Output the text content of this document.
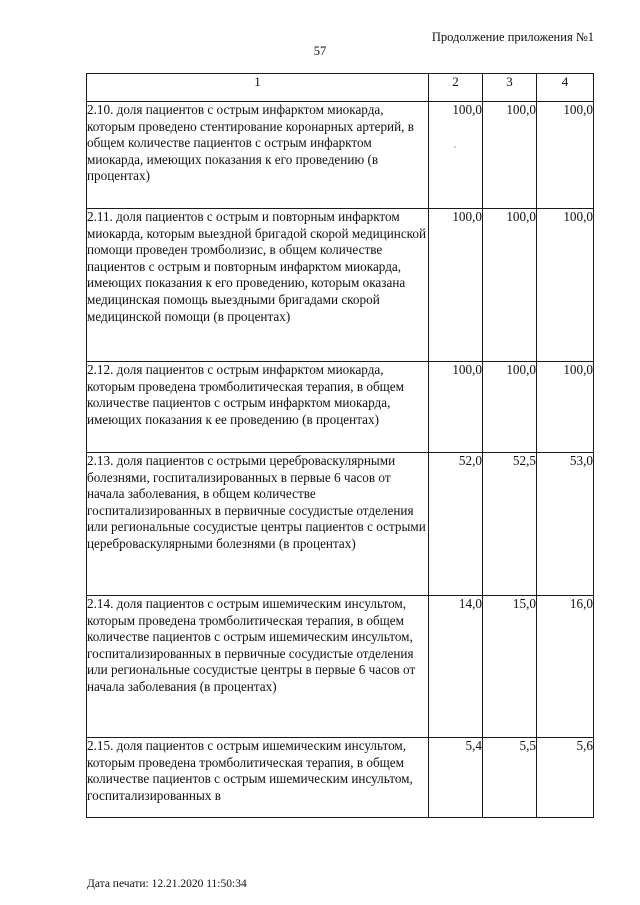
Продолжение приложения №1
57
1	2	3	4
2.10. доля пациентов с острым инфарктом миокарда, которым проведено стентирование коронарных артерий, в общем количестве пациентов с острым инфарктом миокарда, имеющих показания к его проведению (в процентах)	100,0	100,0	100,0
2.11. доля пациентов с острым и повторным инфарктом миокарда, которым выездной бригадой скорой медицинской помощи проведен тромболизис, в общем количестве пациентов с острым и повторным инфарктом миокарда, имеющих показания к его проведению, которым оказана медицинская помощь выездными бригадами скорой медицинской помощи (в процентах)	100,0	100,0	100,0
2.12. доля пациентов с острым инфарктом миокарда, которым проведена тромболитическая терапия, в общем количестве пациентов с острым инфарктом миокарда, имеющих показания к ее проведению (в процентах)	100,0	100,0	100,0
2.13. доля пациентов с острыми цереброваскулярными болезнями, госпитализированных в первые 6 часов от начала заболевания, в общем количестве госпитализированных в первичные сосудистые отделения или региональные сосудистые центры пациентов с острыми цереброваскулярными болезнями (в процентах)	52,0	52,5	53,0
2.14. доля пациентов с острым ишемическим инсультом, которым проведена тромболитическая терапия, в общем количестве пациентов с острым ишемическим инсультом, госпитализированных в первичные сосудистые отделения или региональные сосудистые центры в первые 6 часов от начала заболевания (в процентах)	14,0	15,0	16,0
2.15. доля пациентов с острым ишемическим инсультом, которым проведена тромболитическая терапия, в общем количестве пациентов с острым ишемическим инсультом, госпитализированных в	5,4	5,5	5,6
Дата печати: 12.21.2020 11:50:34
